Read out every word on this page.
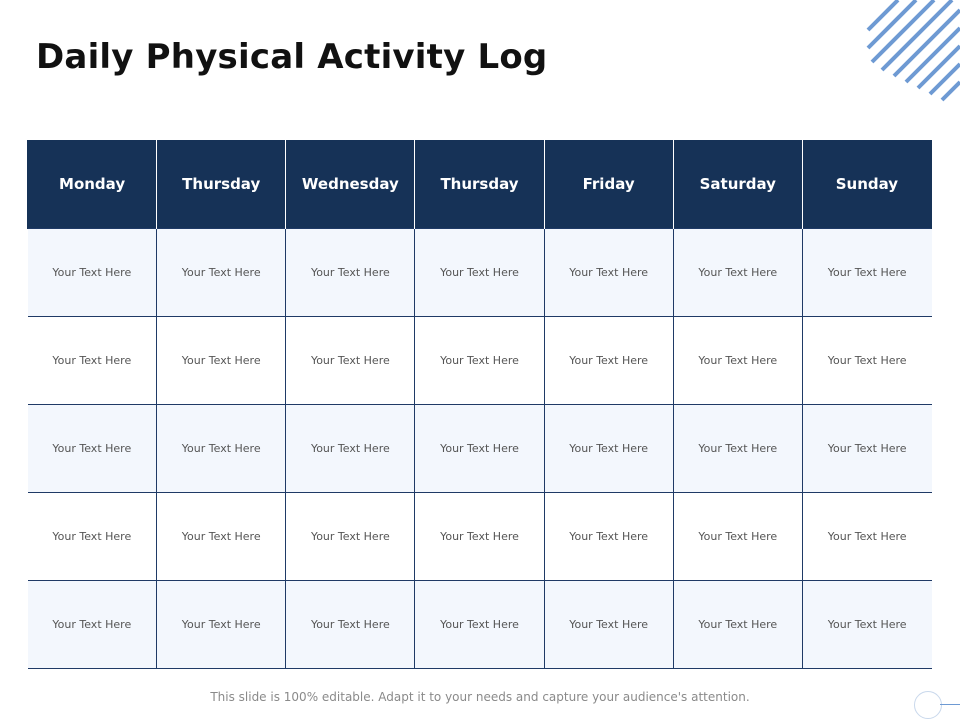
Daily Physical Activity Log
Monday	Thursday	Wednesday	Thursday	Friday	Saturday	Sunday
Your Text Here	Your Text Here	Your Text Here	Your Text Here	Your Text Here	Your Text Here	Your Text Here
Your Text Here	Your Text Here	Your Text Here	Your Text Here	Your Text Here	Your Text Here	Your Text Here
Your Text Here	Your Text Here	Your Text Here	Your Text Here	Your Text Here	Your Text Here	Your Text Here
Your Text Here	Your Text Here	Your Text Here	Your Text Here	Your Text Here	Your Text Here	Your Text Here
Your Text Here	Your Text Here	Your Text Here	Your Text Here	Your Text Here	Your Text Here	Your Text Here

This slide is 100% editable. Adapt it to your needs and capture your audience's attention.
